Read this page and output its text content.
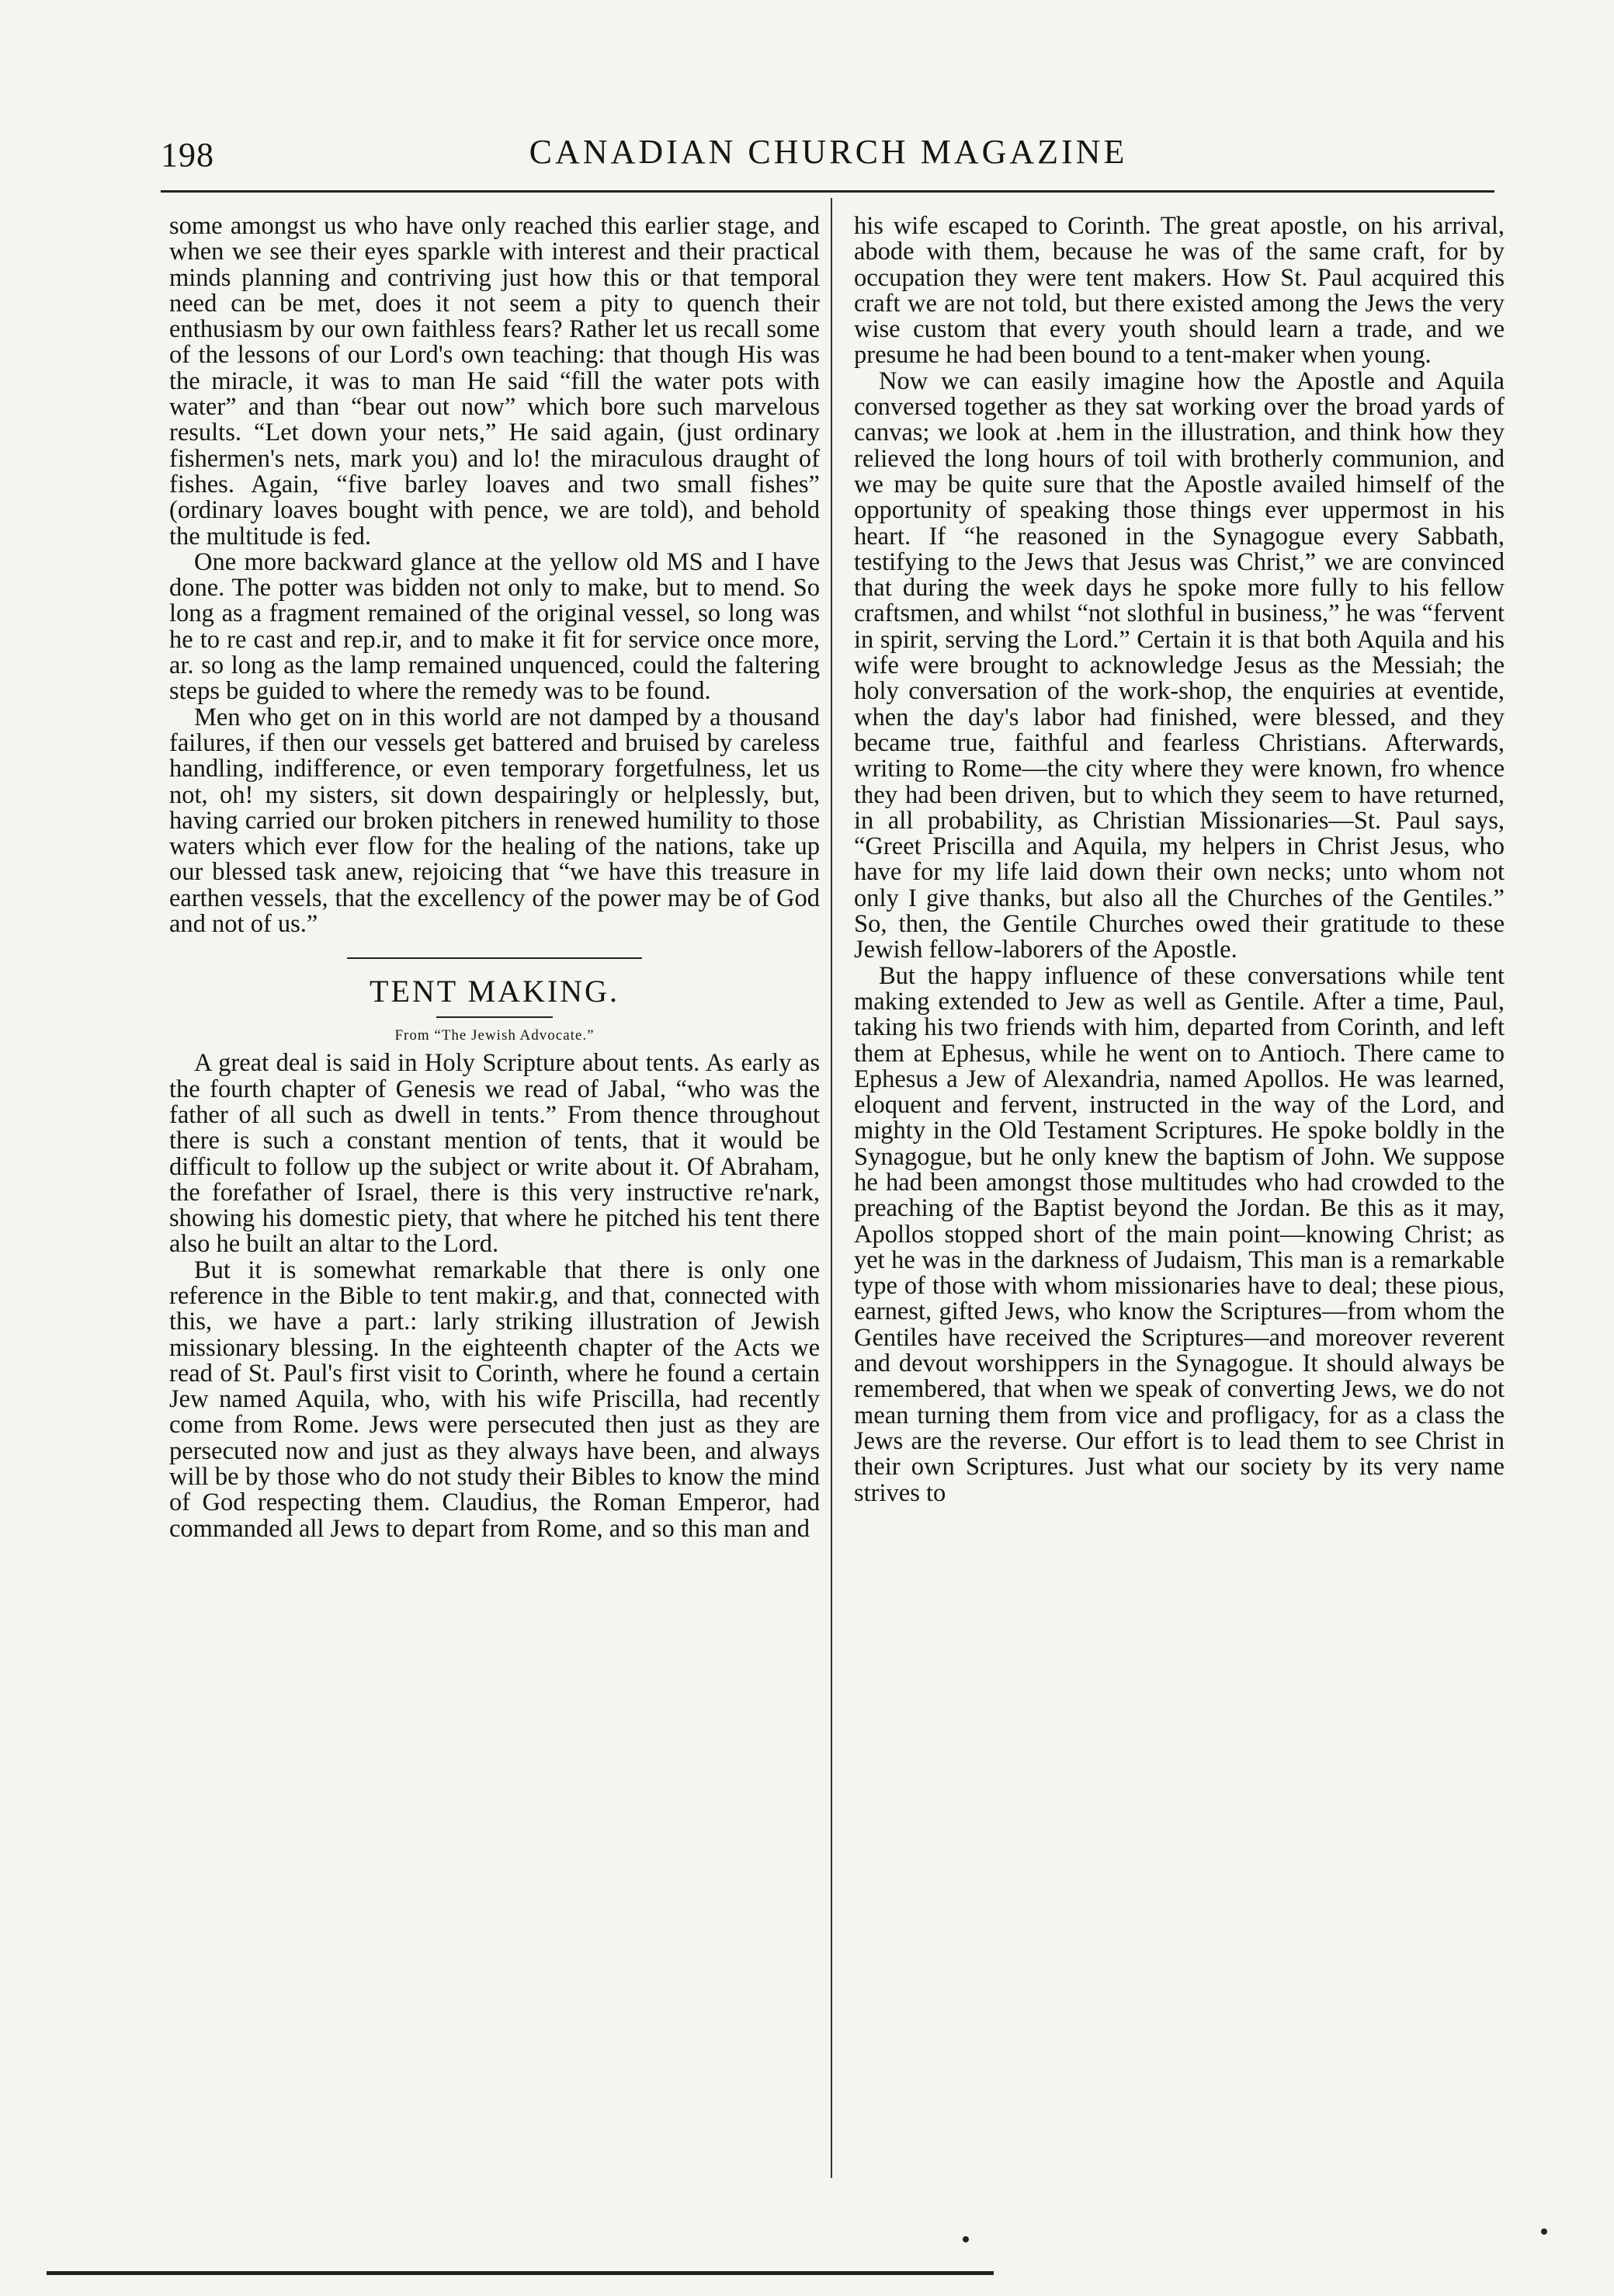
198	CANADIAN CHURCH MAGAZINE

some amongst us who have only reached this earlier stage, and when we see their eyes sparkle with interest and their practical minds planning and contriving just how this or that temporal need can be met, does it not seem a pity to quench their enthusiasm by our own faithless fears? Rather let us recall some of the lessons of our Lord's own teaching: that though His was the miracle, it was to man He said “fill the water pots with water” and than “bear out now” which bore such marvelous results. “Let down your nets,” He said again, (just ordinary fishermen's nets, mark you) and lo! the miraculous draught of fishes. Again, “five barley loaves and two small fishes” (ordinary loaves bought with pence, we are told), and behold the multitude is fed.

One more backward glance at the yellow old MS and I have done. The potter was bidden not only to make, but to mend. So long as a fragment remained of the original vessel, so long was he to re cast and rep.ir, and to make it fit for service once more, ar. so long as the lamp remained unquenced, could the faltering steps be guided to where the remedy was to be found.

Men who get on in this world are not damped by a thousand failures, if then our vessels get battered and bruised by careless handling, indifference, or even temporary forgetfulness, let us not, oh! my sisters, sit down despairingly or helplessly, but, having carried our broken pitchers in renewed humility to those waters which ever flow for the healing of the nations, take up our blessed task anew, rejoicing that “we have this treasure in earthen vessels, that the excellency of the power may be of God and not of us.”

TENT MAKING.
From “The Jewish Advocate.”

A great deal is said in Holy Scripture about tents. As early as the fourth chapter of Genesis we read of Jabal, “who was the father of all such as dwell in tents.” From thence throughout there is such a constant mention of tents, that it would be difficult to follow up the subject or write about it. Of Abraham, the forefather of Israel, there is this very instructive re'nark, showing his domestic piety, that where he pitched his tent there also he built an altar to the Lord.

But it is somewhat remarkable that there is only one reference in the Bible to tent makir.g, and that, connected with this, we have a part.: larly striking illustration of Jewish missionary blessing. In the eighteenth chapter of the Acts we read of St. Paul's first visit to Corinth, where he found a certain Jew named Aquila, who, with his wife Priscilla, had recently come from Rome. Jews were persecuted then just as they are persecuted now and just as they always have been, and always will be by those who do not study their Bibles to know the mind of God respecting them. Claudius, the Roman Emperor, had commanded all Jews to depart from Rome, and so this man and

his wife escaped to Corinth. The great apostle, on his arrival, abode with them, because he was of the same craft, for by occupation they were tent makers. How St. Paul acquired this craft we are not told, but there existed among the Jews the very wise custom that every youth should learn a trade, and we presume he had been bound to a tent-maker when young.

Now we can easily imagine how the Apostle and Aquila conversed together as they sat working over the broad yards of canvas; we look at .hem in the illustration, and think how they relieved the long hours of toil with brotherly communion, and we may be quite sure that the Apostle availed himself of the opportunity of speaking those things ever uppermost in his heart. If “he reasoned in the Synagogue every Sabbath, testifying to the Jews that Jesus was Christ,” we are convinced that during the week days he spoke more fully to his fellow craftsmen, and whilst “not slothful in business,” he was “fervent in spirit, serving the Lord.” Certain it is that both Aquila and his wife were brought to acknowledge Jesus as the Messiah; the holy conversation of the work-shop, the enquiries at eventide, when the day's labor had finished, were blessed, and they became true, faithful and fearless Christians. Afterwards, writing to Rome—the city where they were known, fro whence they had been driven, but to which they seem to have returned, in all probability, as Christian Missionaries—St. Paul says, “Greet Priscilla and Aquila, my helpers in Christ Jesus, who have for my life laid down their own necks; unto whom not only I give thanks, but also all the Churches of the Gentiles.” So, then, the Gentile Churches owed their gratitude to these Jewish fellow-laborers of the Apostle.

But the happy influence of these conversations while tent making extended to Jew as well as Gentile. After a time, Paul, taking his two friends with him, departed from Corinth, and left them at Ephesus, while he went on to Antioch. There came to Ephesus a Jew of Alexandria, named Apollos. He was learned, eloquent and fervent, instructed in the way of the Lord, and mighty in the Old Testament Scriptures. He spoke boldly in the Synagogue, but he only knew the baptism of John. We suppose he had been amongst those multitudes who had crowded to the preaching of the Baptist beyond the Jordan. Be this as it may, Apollos stopped short of the main point—knowing Christ; as yet he was in the darkness of Judaism, This man is a remarkable type of those with whom missionaries have to deal; these pious, earnest, gifted Jews, who know the Scriptures—from whom the Gentiles have received the Scriptures—and moreover reverent and devout worshippers in the Synagogue. It should always be remembered, that when we speak of converting Jews, we do not mean turning them from vice and profligacy, for as a class the Jews are the reverse. Our effort is to lead them to see Christ in their own Scriptures. Just what our society by its very name strives to
